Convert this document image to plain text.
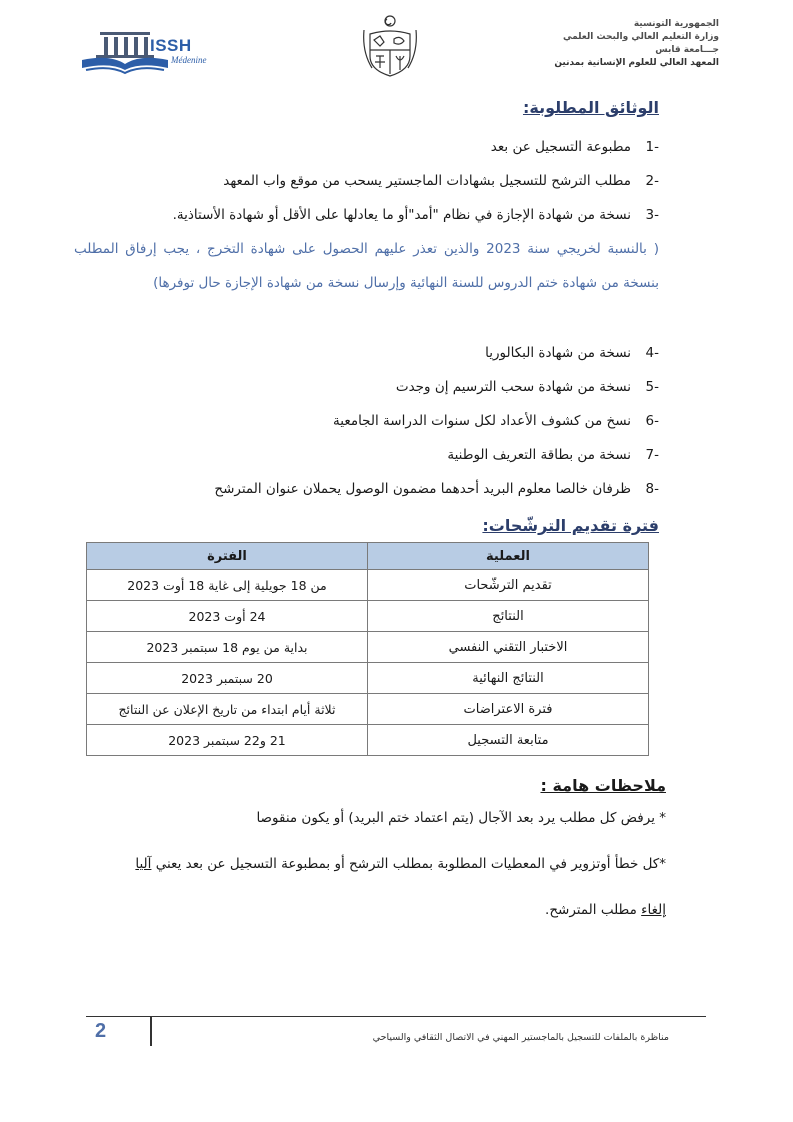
الجمهورية التونسية
وزارة التعليم العالي والبحث العلمي
جـــامعة قابس
المعهد العالي للعلوم الإنسانية بمدنين
ISSH
Médenine
الوثائق المطلوبة:
-1مطبوعة التسجيل عن بعد
-2مطلب الترشح للتسجيل بشهادات الماجستير يسحب من موقع واب المعهد
-3نسخة من شهادة الإجازة في نظام "أمد"أو ما يعادلها على الأقل أو شهادة الأستاذية.
( بالنسبة لخريجي سنة 2023 والذين تعذر عليهم الحصول على شهادة التخرج ، يجب إرفاق المطلب بنسخة من شهادة ختم الدروس للسنة النهائية وإرسال نسخة من شهادة الإجازة حال توفرها)
-4نسخة من شهادة البكالوريا
-5نسخة من شهادة سحب الترسيم إن وجدت
-6نسخ من كشوف الأعداد لكل سنوات الدراسة الجامعية
-7نسخة من بطاقة التعريف الوطنية
-8ظرفان خالصا معلوم البريد أحدهما مضمون الوصول يحملان عنوان المترشح
فترة تقديم الترشّحات:
العملية	الفترة
تقديم الترشّحات	من 18 جويلية إلى غاية 18 أوت 2023
النتائج	24 أوت 2023
الاختبار التقني النفسي	بداية من يوم 18 سبتمبر 2023
النتائج النهائية	20 سبتمبر 2023
فترة الاعتراضات	ثلاثة أيام ابتداء من تاريخ الإعلان عن النتائج
متابعة التسجيل	21 و22 سبتمبر 2023
ملاحظات هامة :
* يرفض كل مطلب يرد بعد الآجال (يتم اعتماد ختم البريد) أو يكون منقوصا
*كل خطأ أوتزوير في المعطيات المطلوبة بمطلب الترشح أو بمطبوعة التسجيل عن بعد يعني آليا
إلغاء مطلب المترشح.
2	مناظرة بالملفات للتسجيل بالماجستير المهني في الاتصال الثقافي والسياحي
